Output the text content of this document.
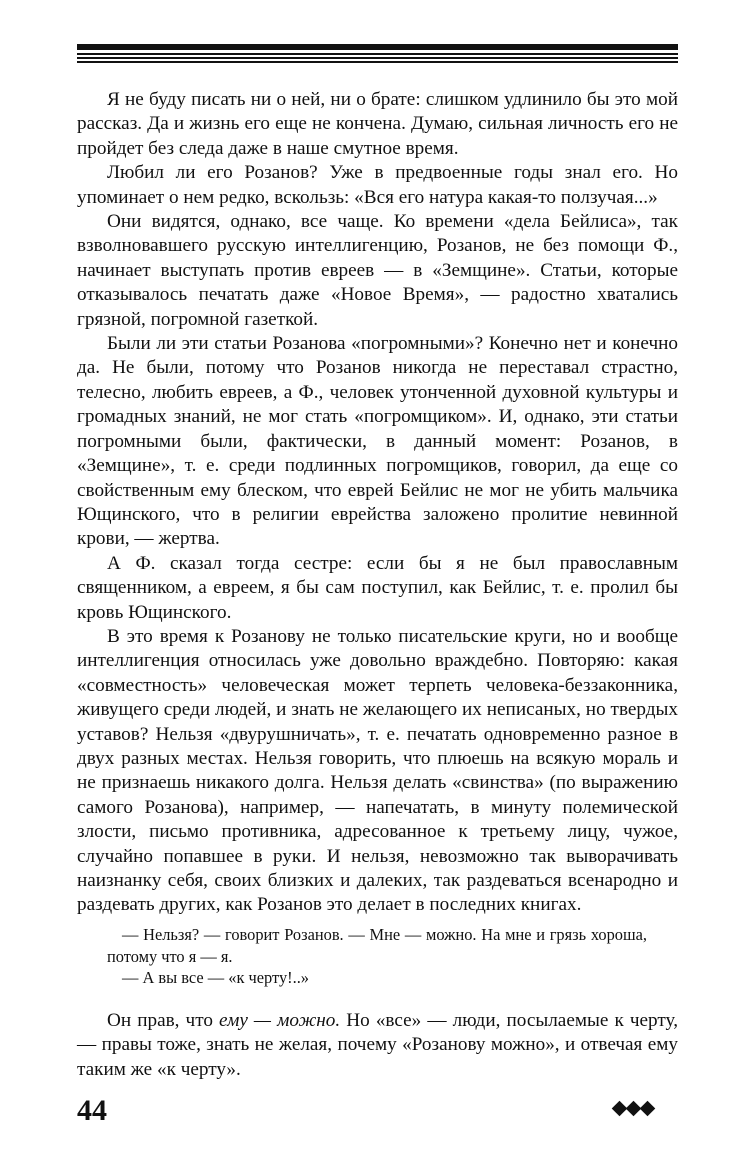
Я не буду писать ни о ней, ни о брате: слишком удлинило бы это мой рассказ. Да и жизнь его еще не кончена. Думаю, сильная личность его не пройдет без следа даже в наше смутное время.

Любил ли его Розанов? Уже в предвоенные годы знал его. Но упоминает о нем редко, вскользь: «Вся его натура какая-то ползучая...»

Они видятся, однако, все чаще. Ко времени «дела Бейлиса», так взволновавшего русскую интеллигенцию, Розанов, не без помощи Ф., начинает выступать против евреев — в «Земщине». Статьи, которые отказывалось печатать даже «Новое Время», — радостно хватались грязной, погромной газеткой.

Были ли эти статьи Розанова «погромными»? Конечно нет и конечно да. Не были, потому что Розанов никогда не переставал страстно, телесно, любить евреев, а Ф., человек утонченной духовной культуры и громадных знаний, не мог стать «погромщиком». И, однако, эти статьи погромными были, фактически, в данный момент: Розанов, в «Земщине», т. е. среди подлинных погромщиков, говорил, да еще со свойственным ему блеском, что еврей Бейлис не мог не убить мальчика Ющинского, что в религии еврейства заложено пролитие невинной крови, — жертва.

А Ф. сказал тогда сестре: если бы я не был православным священником, а евреем, я бы сам поступил, как Бейлис, т. е. пролил бы кровь Ющинского.

В это время к Розанову не только писательские круги, но и вообще интеллигенция относилась уже довольно враждебно. Повторяю: какая «совместность» человеческая может терпеть человека-беззаконника, живущего среди людей, и знать не желающего их неписаных, но твердых уставов? Нельзя «двурушничать», т. е. печатать одновременно разное в двух разных местах. Нельзя говорить, что плюешь на всякую мораль и не признаешь никакого долга. Нельзя делать «свинства» (по выражению самого Розанова), например, — напечатать, в минуту полемической злости, письмо противника, адресованное к третьему лицу, чужое, случайно попавшее в руки. И нельзя, невозможно так выворачивать наизнанку себя, своих близких и далеких, так раздеваться всенародно и раздевать других, как Розанов это делает в последних книгах.

— Нельзя? — говорит Розанов. — Мне — можно. На мне и грязь хороша, потому что я — я.

— А вы все — «к черту!..»

Он прав, что ему — можно. Но «все» — люди, посылаемые к черту, — правы тоже, знать не желая, почему «Розанову можно», и отвечая ему таким же «к черту».

44
